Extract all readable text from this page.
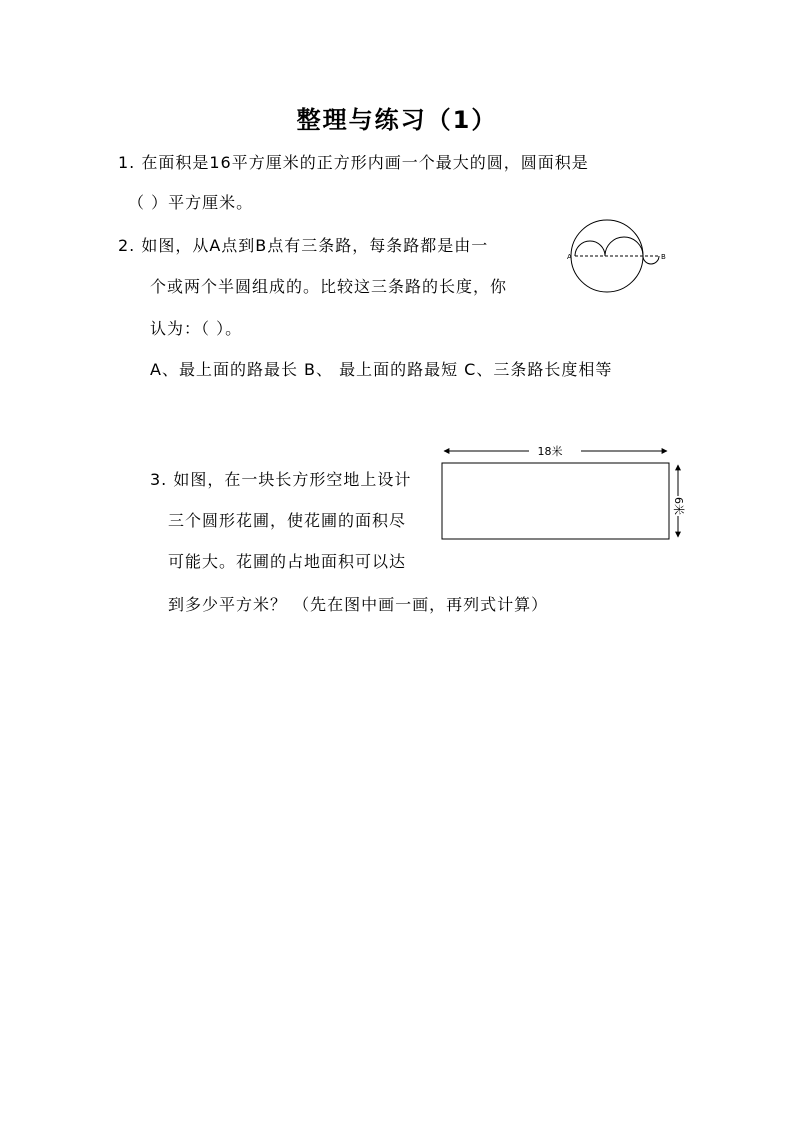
整理与练习（1）
1. 在面积是16平方厘米的正方形内画一个最大的圆，圆面积是
（ ）平方厘米。
2. 如图，从A点到B点有三条路，每条路都是由一
个或两个半圆组成的。比较这三条路的长度，你
认为：（ ）。
A、最上面的路最长 B、 最上面的路最短 C、三条路长度相等
A	B
3. 如图，在一块长方形空地上设计
三个圆形花圃，使花圃的面积尽
可能大。花圃的占地面积可以达
到多少平方米？ （先在图中画一画，再列式计算）
18米
6米
